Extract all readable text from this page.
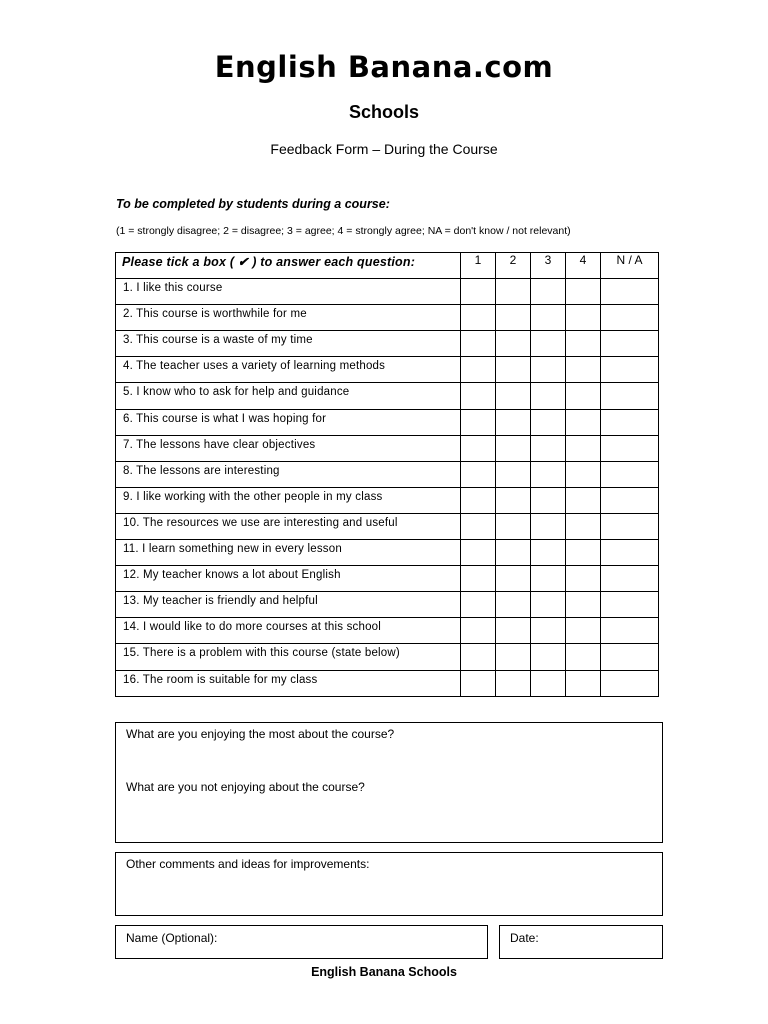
English Banana.com
Schools
Feedback Form – During the Course
To be completed by students during a course:
(1 = strongly disagree; 2 = disagree; 3 = agree; 4 = strongly agree; NA = don't know / not relevant)
Please tick a box ( ✔ ) to answer each question:	1	2	3	4	N / A
1. I like this course					
2. This course is worthwhile for me					
3. This course is a waste of my time					
4. The teacher uses a variety of learning methods					
5. I know who to ask for help and guidance					
6. This course is what I was hoping for					
7. The lessons have clear objectives					
8. The lessons are interesting					
9. I like working with the other people in my class					
10. The resources we use are interesting and useful					
11. I learn something new in every lesson					
12. My teacher knows a lot about English					
13. My teacher is friendly and helpful					
14. I would like to do more courses at this school					
15. There is a problem with this course (state below)					
16. The room is suitable for my class					
What are you enjoying the most about the course?
What are you not enjoying about the course?
Other comments and ideas for improvements:
Name (Optional):	Date:
English Banana Schools
